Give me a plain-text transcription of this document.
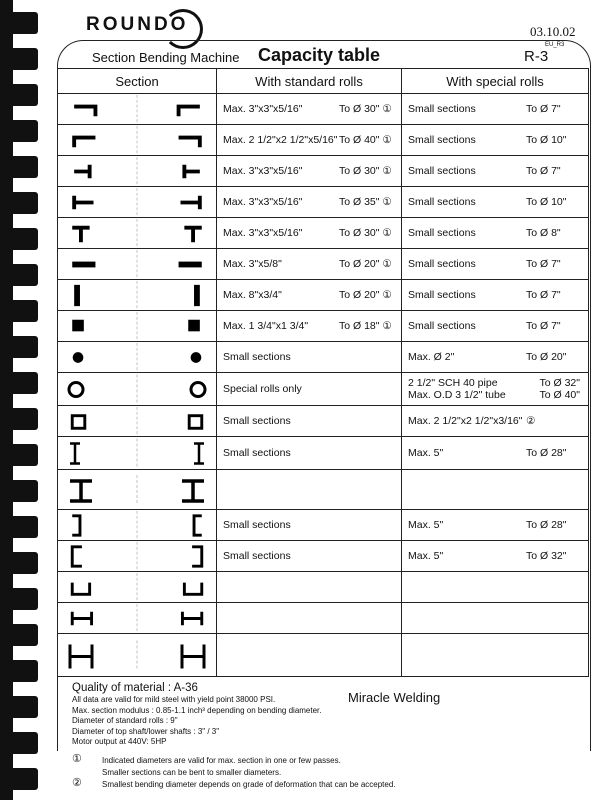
ROUNDO	03.10.02
EU_R3
Section Bending Machine Capacity table	R-3
Section	With standard rolls	With special rolls

Max. 3"x3"x5/16" To Ø 30" ①	Small sections To Ø 7"

Max. 2 1/2"x2 1/2"x5/16" To Ø 40" ①	Small sections To Ø 10"

Max. 3"x3"x5/16" To Ø 30" ①	Small sections To Ø 7"

Max. 3"x3"x5/16" To Ø 35" ①	Small sections To Ø 10"

Max. 3"x3"x5/16" To Ø 30" ①	Small sections To Ø 8"

Max. 3"x5/8" To Ø 20" ①	Small sections To Ø 7"

Max. 8"x3/4" To Ø 20" ①	Small sections To Ø 7"

Max. 1 3/4"x1 3/4" To Ø 18" ①	Small sections To Ø 7"

Small sections	Max. Ø 2" To Ø 20"

Special rolls only	2 1/2" SCH 40 pipe To Ø 32"
Max. O.D 3 1/2" tube To Ø 40"

Small sections	Max. 2 1/2"x2 1/2"x3/16" ②

Small sections	Max. 5" To Ø 28"

Small sections	Max. 5" To Ø 28"

Small sections	Max. 5" To Ø 32"

Quality of material : A-36
All data are valid for mild steel with yield point 38000 PSI.
Max. section modulus : 0.85-1.1 inch³ depending on bending diameter.
Diameter of standard rolls : 9"
Diameter of top shaft/lower shafts : 3" / 3"
Motor output at 440V: 5HP
Miracle Welding
①	Indicated diameters are valid for max. section in one or few passes.
Smaller sections can be bent to smaller diameters.
②	Smallest bending diameter depends on grade of deformation that can be accepted.
